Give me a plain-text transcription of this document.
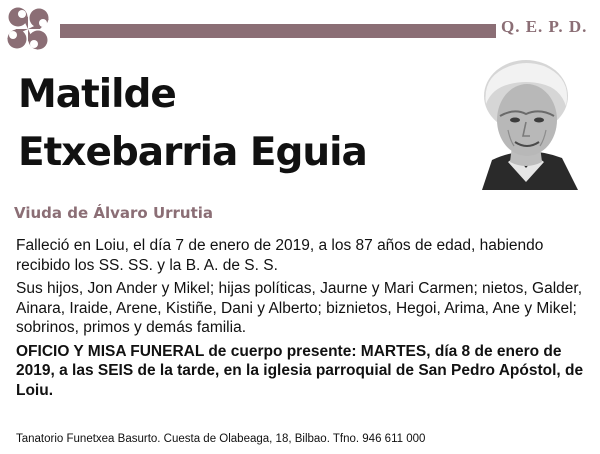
Q. E. P. D.
Matilde
Etxebarria Eguia
Viuda de Álvaro Urrutia

Falleció en Loiu, el día 7 de enero de 2019, a los 87 años de edad, habiendo recibido los SS. SS. y la B. A. de S. S.

Sus hijos, Jon Ander y Mikel; hijas políticas, Jaurne y Mari Carmen; nietos, Galder, Ainara, Iraide, Arene, Kistiñe, Dani y Alberto; biznietos, Hegoi, Arima, Ane y Mikel; sobrinos, primos y demás familia.

OFICIO Y MISA FUNERAL de cuerpo presente: MARTES, día 8 de enero de 2019, a las SEIS de la tarde, en la iglesia parroquial de San Pedro Apóstol, de Loiu.

Tanatorio Funetxea Basurto. Cuesta de Olabeaga, 18, Bilbao. Tfno. 946 611 000
